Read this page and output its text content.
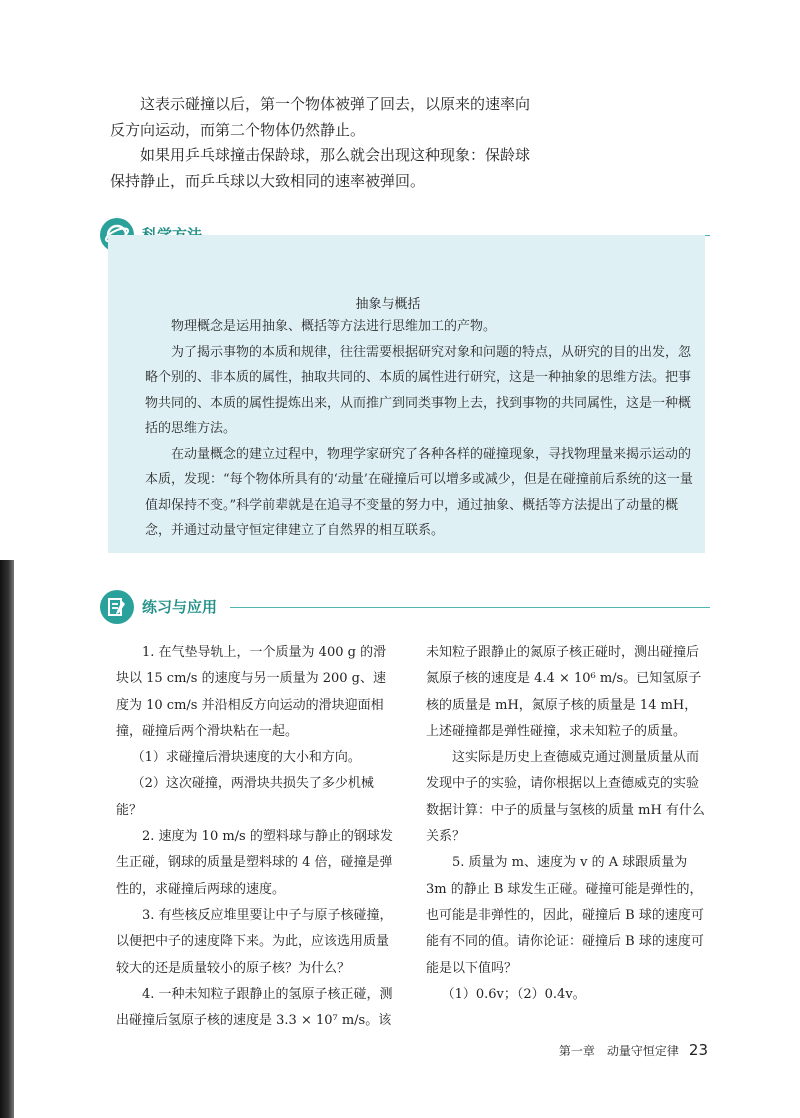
这表示碰撞以后，第一个物体被弹了回去，以原来的速率向反方向运动，而第二个物体仍然静止。

如果用乒乓球撞击保龄球，那么就会出现这种现象：保龄球保持静止，而乒乓球以大致相同的速率被弹回。

抽象与概括

物理概念是运用抽象、概括等方法进行思维加工的产物。

为了揭示事物的本质和规律，往往需要根据研究对象和问题的特点，从研究的目的出发，忽略个别的、非本质的属性，抽取共同的、本质的属性进行研究，这是一种抽象的思维方法。把事物共同的、本质的属性提炼出来，从而推广到同类事物上去，找到事物的共同属性，这是一种概括的思维方法。

在动量概念的建立过程中，物理学家研究了各种各样的碰撞现象，寻找物理量来揭示运动的本质，发现：“每个物体所具有的‘动量’在碰撞后可以增多或减少，但是在碰撞前后系统的这一量值却保持不变。”科学前辈就是在追寻不变量的努力中，通过抽象、概括等方法提出了动量的概念，并通过动量守恒定律建立了自然界的相互联系。

练习与应用

1. 在气垫导轨上，一个质量为 400 g 的滑块以 15 cm/s 的速度与另一质量为 200 g、速度为 10 cm/s 并沿相反方向运动的滑块迎面相撞，碰撞后两个滑块粘在一起。

（1）求碰撞后滑块速度的大小和方向。

（2）这次碰撞，两滑块共损失了多少机械能？

2. 速度为 10 m/s 的塑料球与静止的钢球发生正碰，钢球的质量是塑料球的 4 倍，碰撞是弹性的，求碰撞后两球的速度。

3. 有些核反应堆里要让中子与原子核碰撞，以便把中子的速度降下来。为此，应该选用质量较大的还是质量较小的原子核？为什么？

4. 一种未知粒子跟静止的氢原子核正碰，测出碰撞后氢原子核的速度是 3.3 × 10⁷ m/s。该

未知粒子跟静止的氮原子核正碰时，测出碰撞后氮原子核的速度是 4.4 × 10⁶ m/s。已知氢原子核的质量是 mH，氮原子核的质量是 14 mH，上述碰撞都是弹性碰撞，求未知粒子的质量。

这实际是历史上查德威克通过测量质量从而发现中子的实验，请你根据以上查德威克的实验数据计算：中子的质量与氢核的质量 mH 有什么关系？

5. 质量为 m、速度为 v 的 A 球跟质量为 3m 的静止 B 球发生正碰。碰撞可能是弹性的，也可能是非弹性的，因此，碰撞后 B 球的速度可能有不同的值。请你论证：碰撞后 B 球的速度可能是以下值吗？

（1）0.6v；（2）0.4v。

第一章　动量守恒定律 23
